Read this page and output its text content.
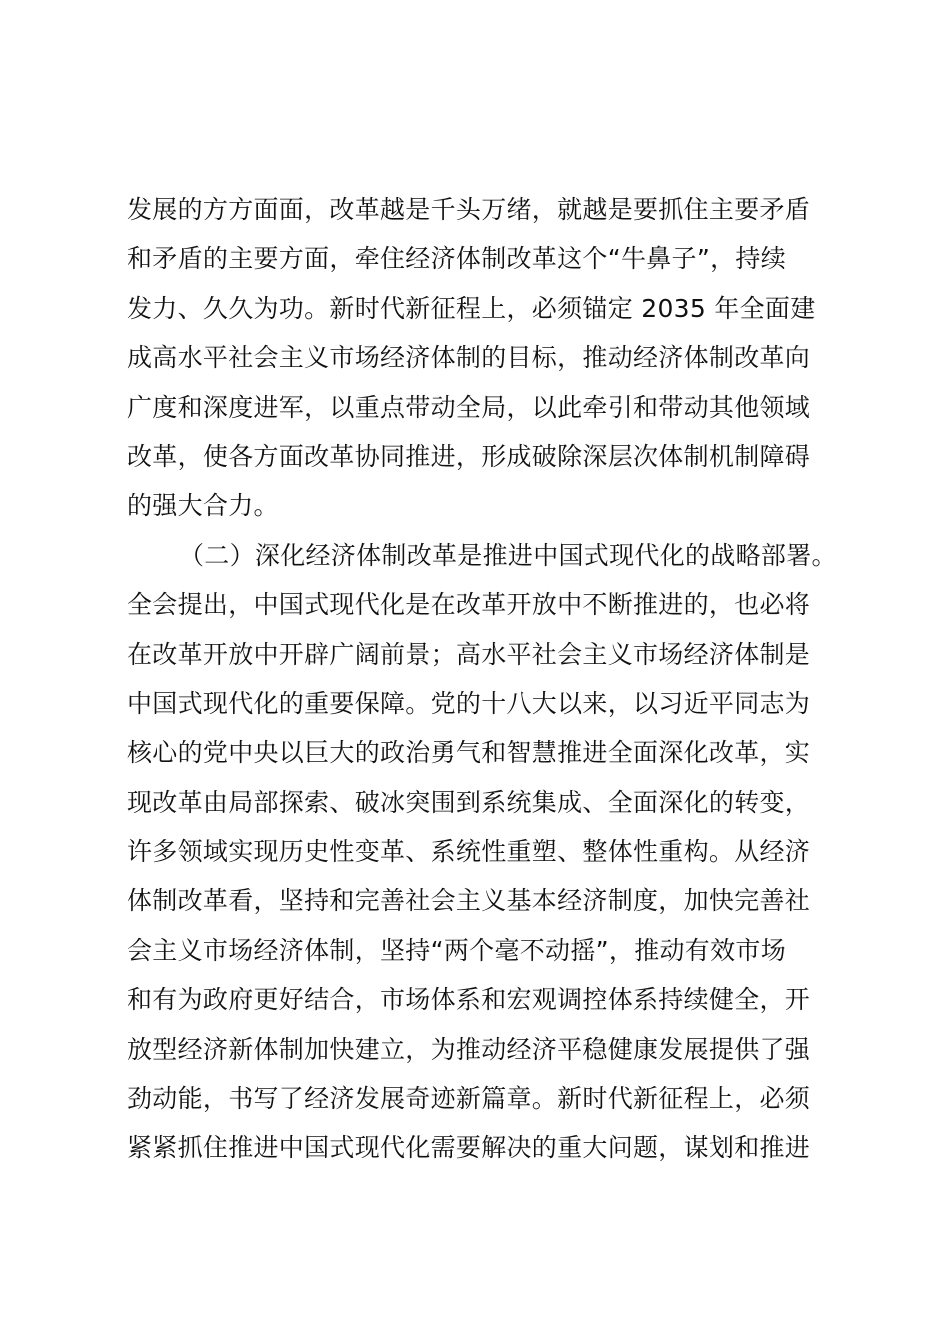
发展的方方面面，改革越是千头万绪，就越是要抓住主要矛盾
和矛盾的主要方面，牵住经济体制改革这个“牛鼻子”，持续
发力、久久为功。新时代新征程上，必须锚定 2035 年全面建
成高水平社会主义市场经济体制的目标，推动经济体制改革向
广度和深度进军，以重点带动全局，以此牵引和带动其他领域
改革，使各方面改革协同推进，形成破除深层次体制机制障碍
的强大合力。
（二）深化经济体制改革是推进中国式现代化的战略部署。
全会提出，中国式现代化是在改革开放中不断推进的，也必将
在改革开放中开辟广阔前景；高水平社会主义市场经济体制是
中国式现代化的重要保障。党的十八大以来，以习近平同志为
核心的党中央以巨大的政治勇气和智慧推进全面深化改革，实
现改革由局部探索、破冰突围到系统集成、全面深化的转变，
许多领域实现历史性变革、系统性重塑、整体性重构。从经济
体制改革看，坚持和完善社会主义基本经济制度，加快完善社
会主义市场经济体制，坚持“两个毫不动摇”，推动有效市场
和有为政府更好结合，市场体系和宏观调控体系持续健全，开
放型经济新体制加快建立，为推动经济平稳健康发展提供了强
劲动能，书写了经济发展奇迹新篇章。新时代新征程上，必须
紧紧抓住推进中国式现代化需要解决的重大问题，谋划和推进
